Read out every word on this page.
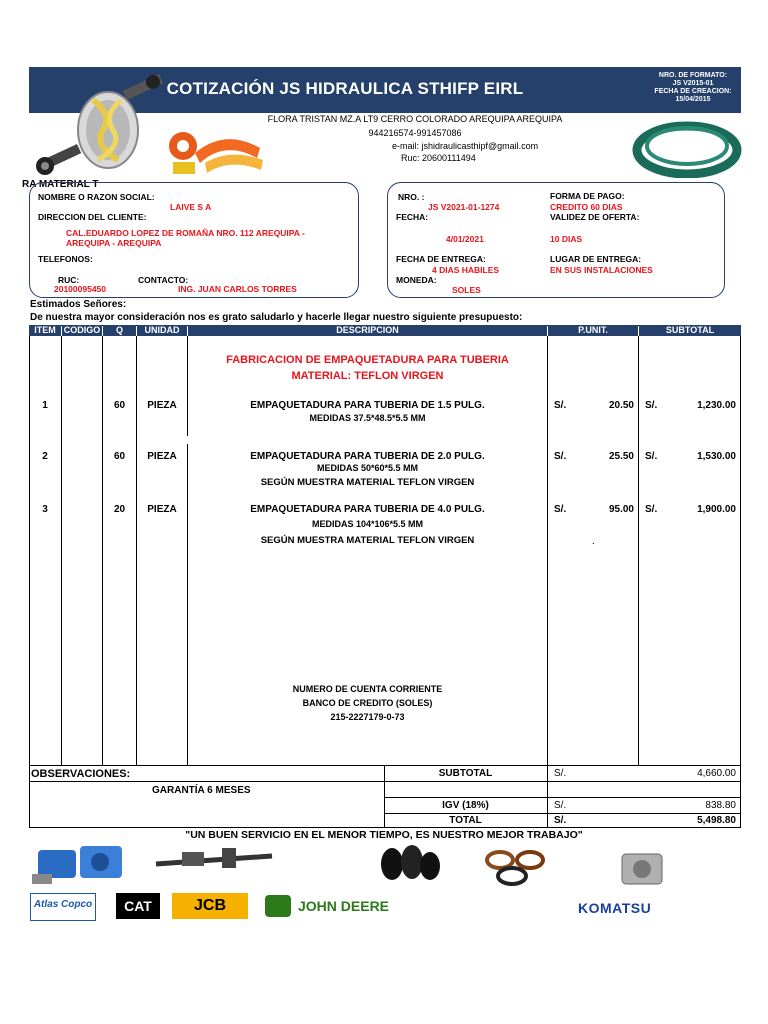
COTIZACIÓN JS HIDRAULICA STHIFP EIRL
NRO. DE FORMATO:
JS V2015-01
FECHA DE CREACION:
15/04/2015
FLORA TRISTAN MZ.A LT9 CERRO COLORADO AREQUIPA AREQUIPA
944216574-991457086
e-mail: jshidraulicasthipf@gmail.com
Ruc: 20600111494
RA MATERIAL T
NOMBRE O RAZON SOCIAL:
LAIVE S A
DIRECCION DEL CLIENTE:
CAL.EDUARDO LOPEZ DE ROMAÑA NRO. 112 AREQUIPA -
AREQUIPA - AREQUIPA
TELEFONOS:
RUC:
20100095450
CONTACTO:
ING. JUAN CARLOS TORRES
NRO. :
JS V2021-01-1274
FECHA:
4/01/2021
FECHA DE ENTREGA:
4 DIAS HABILES
MONEDA:
SOLES
FORMA DE PAGO:
CREDITO 60 DIAS
VALIDEZ DE OFERTA:
10 DIAS
LUGAR DE ENTREGA:
EN SUS INSTALACIONES
Estimados Señores:
De nuestra mayor consideración nos es grato saludarlo y hacerle llegar nuestro siguiente presupuesto:
ITEM CODIGO	Q	UNIDAD	DESCRIPCION	P.UNIT.	SUBTOTAL
FABRICACION DE EMPAQUETADURA PARA TUBERIA
MATERIAL: TEFLON VIRGEN
1	60	PIEZA	EMPAQUETADURA PARA TUBERIA DE 1.5 PULG.
MEDIDAS 37.5*48.5*5.5 MM
S/.	20.50 S/.	1,230.00
2	60	PIEZA	EMPAQUETADURA PARA TUBERIA DE 2.0 PULG.
MEDIDAS 50*60*5.5 MM
SEGÚN MUESTRA MATERIAL TEFLON VIRGEN
S/.	25.50 S/.	1,530.00
3	20	PIEZA	EMPAQUETADURA PARA TUBERIA DE 4.0 PULG.
MEDIDAS 104*106*5.5 MM
SEGÚN MUESTRA MATERIAL TEFLON VIRGEN
S/.	95.00 S/.	1,900.00
.
NUMERO DE CUENTA CORRIENTE
BANCO DE CREDITO (SOLES)
215-2227179-0-73
OBSERVACIONES:
GARANTÍA 6 MESES
SUBTOTAL	S/.	4,660.00
IGV (18%)	S/.	838.80
TOTAL	S/.	5,498.80
"UN BUEN SERVICIO EN EL MENOR TIEMPO, ES NUESTRO MEJOR TRABAJO"
Atlas Copco	CAT	JCB	JOHN DEERE	KOMATSU
